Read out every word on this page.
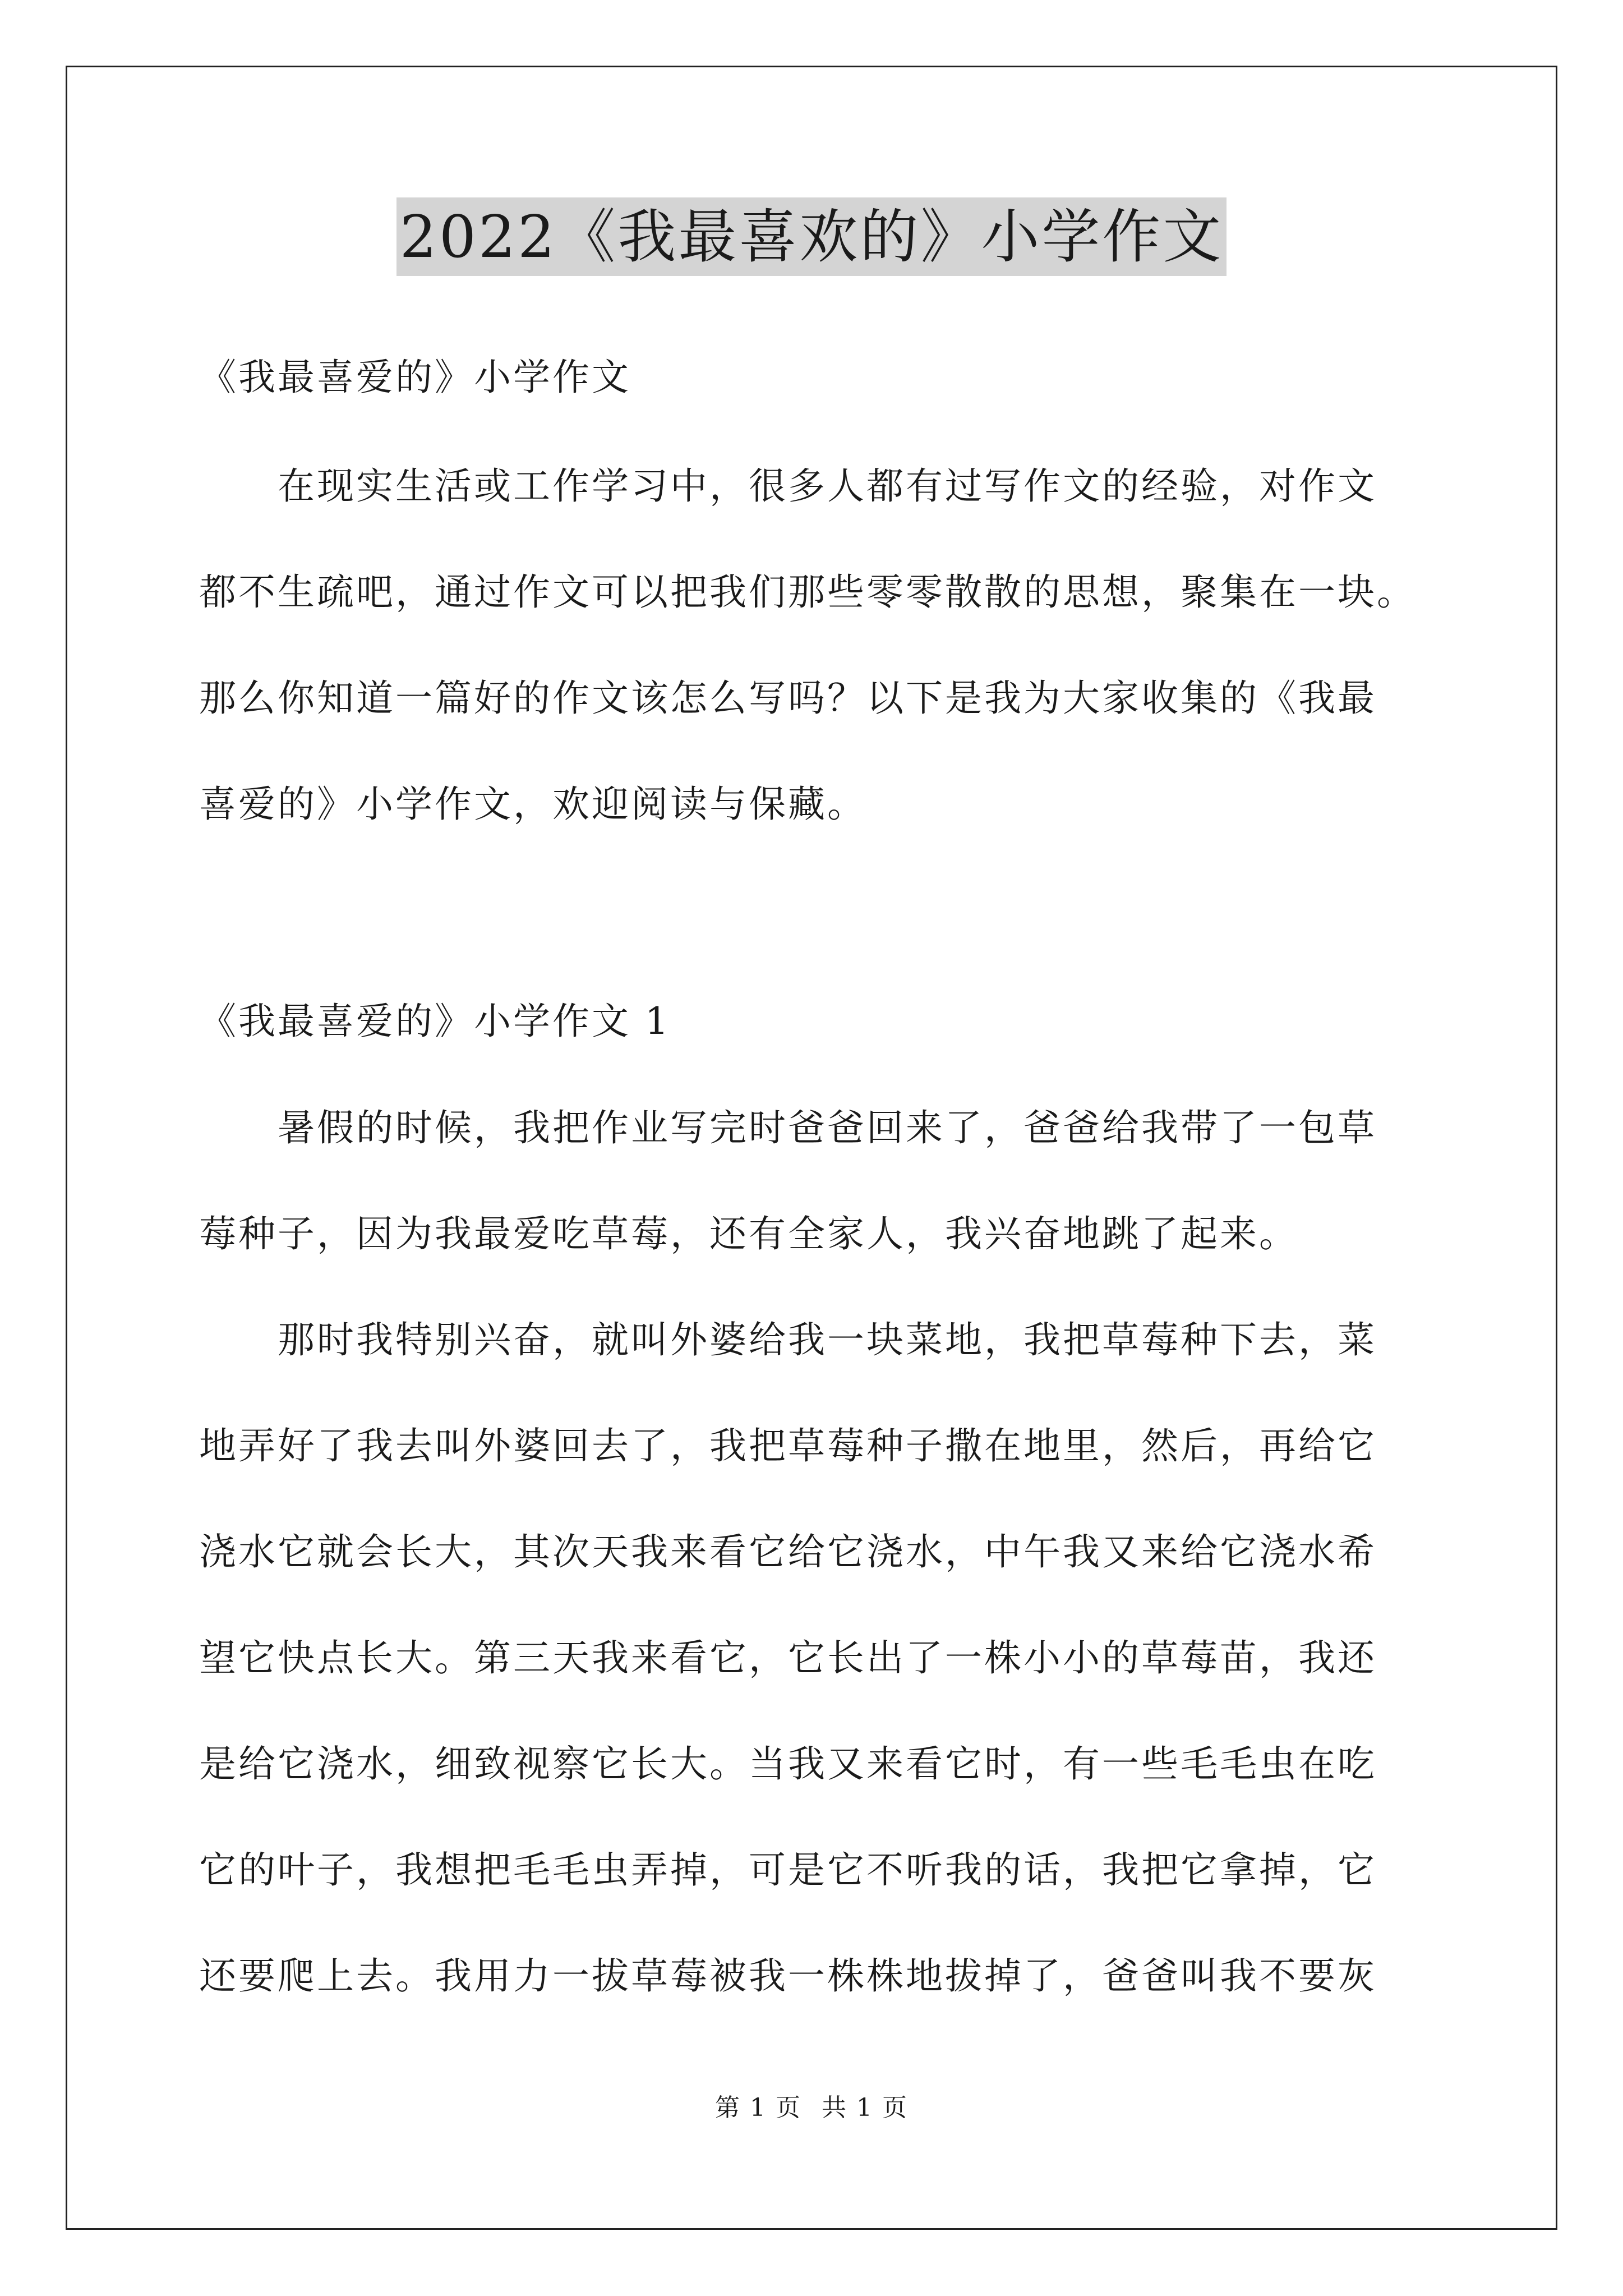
2022《我最喜欢的》小学作文
《我最喜爱的》小学作文
　　在现实生活或工作学习中，很多人都有过写作文的经验，对作文
都不生疏吧，通过作文可以把我们那些零零散散的思想，聚集在一块。
那么你知道一篇好的作文该怎么写吗？以下是我为大家收集的《我最
喜爱的》小学作文，欢迎阅读与保藏。
《我最喜爱的》小学作文 1
　　暑假的时候，我把作业写完时爸爸回来了，爸爸给我带了一包草
莓种子，因为我最爱吃草莓，还有全家人，我兴奋地跳了起来。
　　那时我特别兴奋，就叫外婆给我一块菜地，我把草莓种下去，菜
地弄好了我去叫外婆回去了，我把草莓种子撒在地里，然后，再给它
浇水它就会长大，其次天我来看它给它浇水，中午我又来给它浇水希
望它快点长大。第三天我来看它，它长出了一株小小的草莓苗，我还
是给它浇水，细致视察它长大。当我又来看它时，有一些毛毛虫在吃
它的叶子，我想把毛毛虫弄掉，可是它不听我的话，我把它拿掉，它
还要爬上去。我用力一拔草莓被我一株株地拔掉了，爸爸叫我不要灰
第 1 页 共 1 页
